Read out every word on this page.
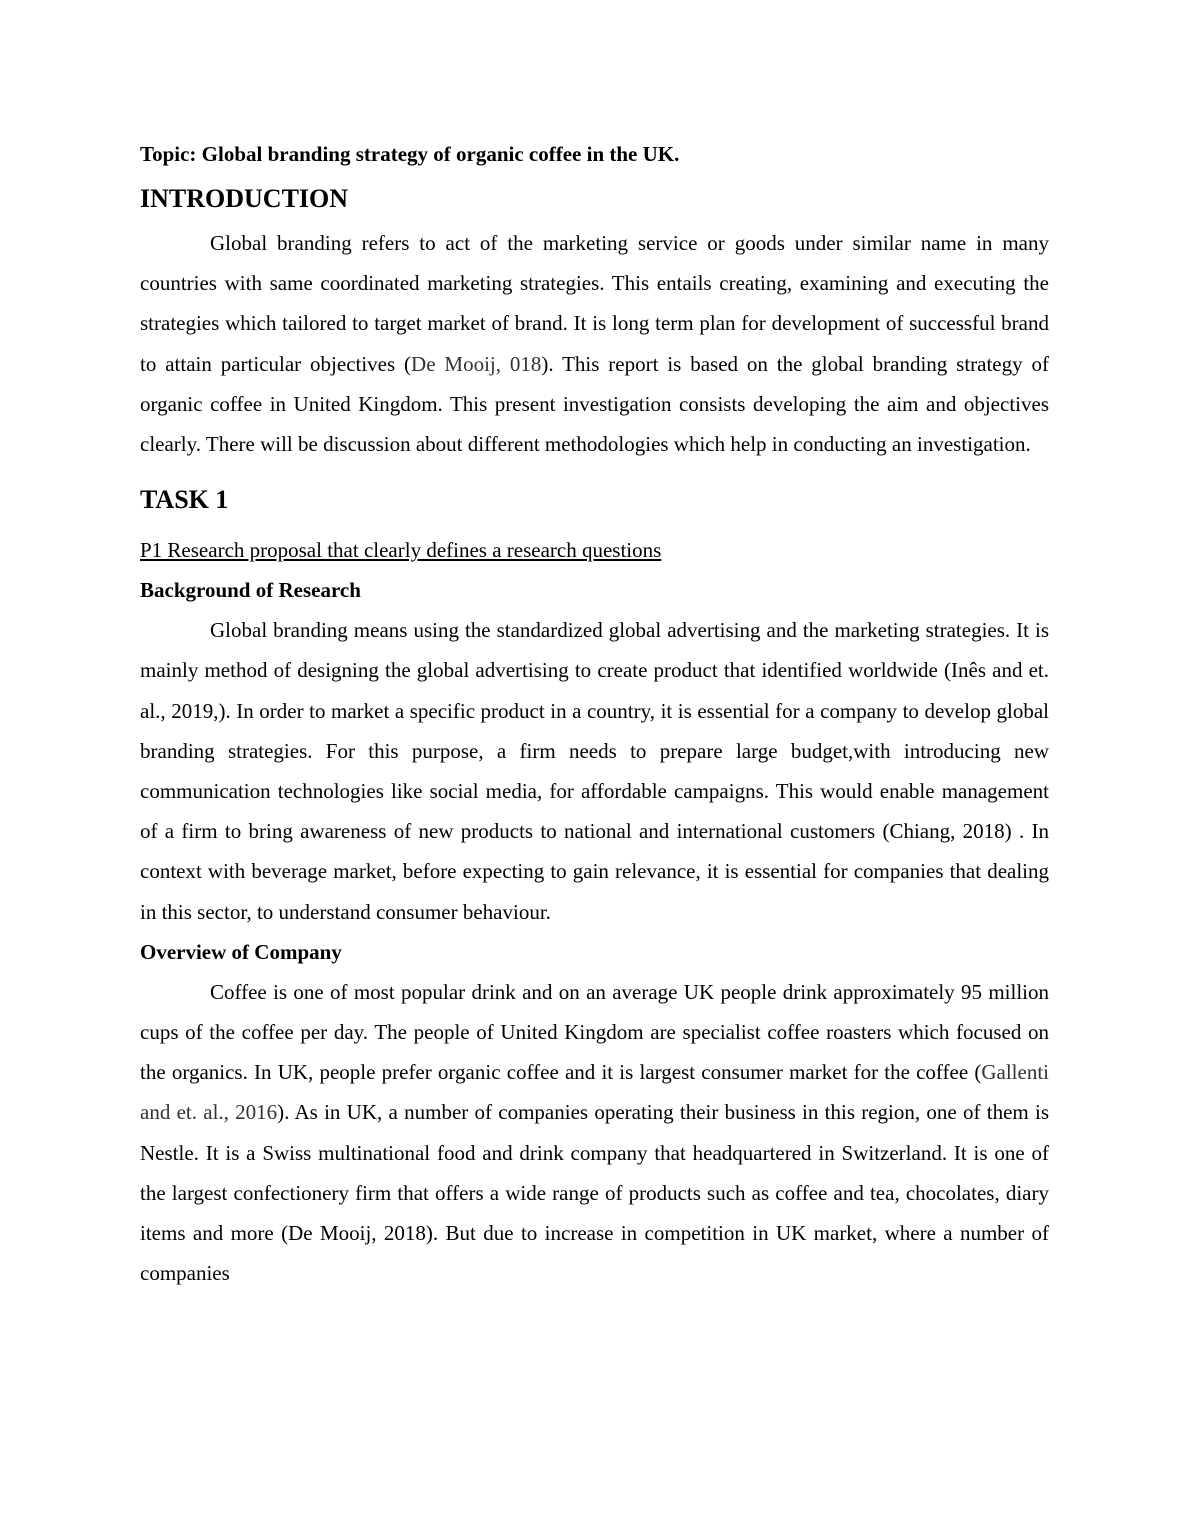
Topic: Global branding strategy of organic coffee in the UK.
INTRODUCTION

Global branding refers to act of the marketing service or goods under similar name in many countries with same coordinated marketing strategies. This entails creating, examining and executing the strategies which tailored to target market of brand. It is long term plan for development of successful brand to attain particular objectives (De Mooij, 018). This report is based on the global branding strategy of organic coffee in United Kingdom. This present investigation consists developing the aim and objectives clearly. There will be discussion about different methodologies which help in conducting an investigation.

TASK 1
P1 Research proposal that clearly defines a research questions
Background of Research

Global branding means using the standardized global advertising and the marketing strategies. It is mainly method of designing the global advertising to create product that identified worldwide (Inês and et. al., 2019,). In order to market a specific product in a country, it is essential for a company to develop global branding strategies. For this purpose, a firm needs to prepare large budget,with introducing new communication technologies like social media, for affordable campaigns. This would enable management of a firm to bring awareness of new products to national and international customers (Chiang, 2018) . In context with beverage market, before expecting to gain relevance, it is essential for companies that dealing in this sector, to understand consumer behaviour.

Overview of Company

Coffee is one of most popular drink and on an average UK people drink approximately 95 million cups of the coffee per day. The people of United Kingdom are specialist coffee roasters which focused on the organics. In UK, people prefer organic coffee and it is largest consumer market for the coffee (Gallenti and et. al., 2016). As in UK, a number of companies operating their business in this region, one of them is Nestle. It is a Swiss multinational food and drink company that headquartered in Switzerland. It is one of the largest confectionery firm that offers a wide range of products such as coffee and tea, chocolates, diary items and more (De Mooij, 2018). But due to increase in competition in UK market, where a number of companies
